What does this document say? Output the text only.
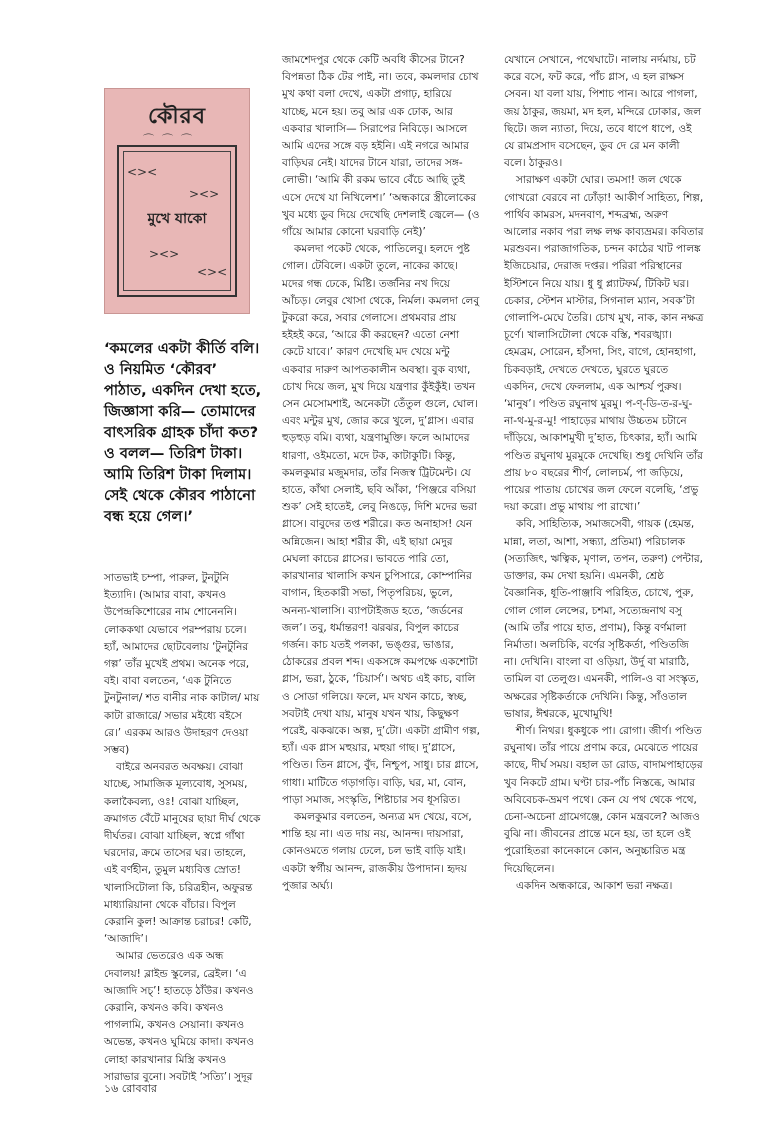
কৌরব
⌒⌒⌒
<><
><>
মুখে যাকো
><>
<><
‘কমলের একটা কীর্তি বলি। ও নিয়মিত ‘কৌরব’ পাঠাত, একদিন দেখা হতে, জিজ্ঞাসা করি— তোমাদের বাৎসরিক গ্রাহক চাঁদা কত? ও বলল— তিরিশ টাকা। আমি তিরিশ টাকা দিলাম। সেই থেকে কৌরব পাঠানো বন্ধ হয়ে গেল।’

সাতভাই চম্পা, পারুল, টুনটুনি ইত্যাদি। (আমার বাবা, কখনও উপেন্দ্রকিশোরের নাম শোনেননি। লোককথা যেভাবে পরম্পরায় চলে। হ্যাঁ, আমাদের ছোটবেলায় ‘টুনটুনির গল্প’ তাঁর মুখেই প্রথম। অনেক পরে, বই। বাবা বলতেন, ‘এক টুনিতে টুনটুনাল/ শত বানীর নাক কাটাল/ মায় কাটা রাজারে/ সভার মইধ্যে বইসে রে।’ এরকম আরও উদাহরণ দেওয়া সম্ভব)

বাইরে অনবরত অবক্ষয়। বোঝা যাচ্ছে, সামাজিক মূল্যবোধ, সুসময়, কলাকৈবল্য, ওঃ! বোঝা যাচ্ছিল, ক্রমাগত বেঁটে মানুষের ছায়া দীর্ঘ থেকে দীর্ঘতর। বোঝা যাচ্ছিল, স্বপ্নে গাঁথা ঘরদোর, ক্রমে তাসের ঘর। তাহলে, এই বর্ণহীন, তুমুল মধ্যবিত্ত স্রোত! খালাসিটোলা কি, চরিত্রহীন, অফুরন্ত মাধ্যারিয়ানা থেকে বাঁচার। বিপুল কেরানি কুল! আক্রান্ত চরাচর! কেটি, ‘আজাদি’।

আমার ভেতরেও এক অন্ধ দেবালয়! ব্লাইন্ড স্কুলের, ব্রেইল। ‘এ আজাদি সচ্’! হাতড়ে ঠাঁউর। কখনও কেরানি, কখনও কবি। কখনও পাগলামি, কখনও সেয়ানা। কখনও অভেন্ত, কখনও ঘুমিয়ে কাদা। কখনও লোহা কারখানার মিস্ত্রি কখনও সারাভার বুনো। সবটাই ‘সত্যি’। সুদূর

জামশেদপুর থেকে কেটি অবধি কীসের টানে? বিপন্নতা ঠিক টের পাই, না। তবে, কমলদার চোখ মুখ কথা বলা দেখে, একটা প্রগাঢ়, হারিয়ে যাচ্ছে, মনে হয়। তবু আর এক ঢোক, আর একবার খালাসি— সিরাপের নিবিড়ে। আসলে আমি এদের সঙ্গে বড় হইনি। এই নগরে আমার বাড়িঘর নেই। যাদের টানে যারা, তাদের সঙ্গ-লোভী। ‘আমি কী রকম ভাবে বেঁচে আছি তুই এসে দেখে যা নিখিলেশ।’ ‘অন্ধকারে স্ত্রীলোকের খুব মধ্যে ডুব দিয়ে দেখেছি দেশলাই জ্বেলে— (ও গাঁয়ে আমার কোনো ঘরবাড়ি নেই)’

কমলদা পকেট থেকে, পাতিলেবু। হলদে পুষ্ট গোল। টেবিলে। একটা তুলে, নাকের কাছে। মদের গন্ধ ঢেকে, মিষ্টি। তর্জনির নখ দিয়ে আঁচড়। লেবুর খোসা থেকে, নির্মল। কমলদা লেবু টুকরো করে, সবার গেলাসে। প্রথমবার প্রায় হইহই করে, ‘আরে কী করছেন? এতো নেশা কেটে যাবে।’ কারণ দেখেছি মদ খেয়ে মন্টু একবার দারুণ আপতকালীন অবস্থা। বুক ব্যথা, চোখ দিয়ে জল, মুখ দিয়ে যন্ত্রণার কুঁইকুঁই। তখন সেন মেসোমশাই, অনেকটা তেঁতুল গুলে, ঘোল। এবং মন্টুর মুখ, জোর করে খুলে, দু’গ্লাস। এবার হুড়হুড় বমি। ব্যথা, যন্ত্রণামুক্তি। ফলে আমাদের ধারণা, ওইমতো, মদে টক, কাটাকুটি। কিন্তু, কমলকুমার মজুমদার, তাঁর নিজস্ব ট্রিটমেন্ট। যে হাতে, কাঁথা সেলাই, ছবি আঁকা, ‘পিঞ্জরে বসিয়া শুক’ সেই হাতেই, লেবু নিঙড়ে, দিশি মদের ভরা গ্লাসে। বাবুদের তপ্ত শরীরে। কত অনাহাস! যেন অন্নিজেন। আহা শরীর কী, এই ছায়া মেদুর মেঘলা কাচের গ্লাসের। ভাবতে পারি তো, কারখানার খালাসি কখন চুপিসারে, কোম্পানির বাগান, হিতকারী সভা, পিতৃপরিচয়, ভুলে, অনন্য-খালাসি। ব্যাপটাইজড হতে, ‘জর্ডনের জল’। তবু, ধর্মান্তরণ! ঝরঝর, বিপুল কাচের গর্জন। কাচ যতই পলকা, ভঙ্গুর, ভাঙার, ঠোকরের প্রবল শব্দ। একসঙ্গে কমপক্ষে একশোটা গ্লাস, ভরা, ঠুকে, ‘চিয়ার্স’। অথচ এই কাচ, বালি ও সোডা গলিয়ে। ফলে, মদ যখন কাচে, স্বচ্ছ, সবটাই দেখা যায়, মানুষ যখন খায়, কিছুক্ষণ পরেই, ঝকঝকে। অল্প, দু’টো। একটা গ্রামীণ গল্প, হ্যাঁ। এক গ্লাস মহুয়ার, মহুয়া গাছ। দু’গ্লাসে, পণ্ডিত। তিন গ্লাসে, বুঁদ, নিশ্চুপ, সাধু। চার গ্লাসে, গাধা। মাটিতে গড়াগড়ি। বাড়ি, ঘর, মা, বোন, পাড়া সমাজ, সংস্কৃতি, শিষ্টাচার সব ধূসরিত।

কমলকুমার বলতেন, অন্যত্র মদ খেয়ে, বসে, শান্তি হয় না। এত দায় নয়, আনন্দ। দায়সারা, কোনওমতে গলায় ঢেলে, চল ভাই বাড়ি যাই। একটা স্বর্গীয় আনন্দ, রাজকীয় উপাদান। হৃদয় পুজার অর্ঘ্য।

যেখানে সেখানে, পথেঘাটে। নালায় নর্দমায়, চট করে বসে, ফট করে, পাঁচ গ্লাস, এ হল রাক্ষস সেবন। যা বলা যায়, পিশাচ পান। আরে পাগলা, জয় ঠাকুর, জয়মা, মদ হল, মন্দিরে ঢোকার, জল ছিটে। জল ন্যাতা, দিয়ে, তবে ধাপে ধাপে, ওই যে রামপ্রসাদ বসেছেন, ডুব দে রে মন কালী বলে। ঠাকুরও।

সারাক্ষণ একটা ঘোর। তমসা! জল থেকে গোখরো বেরবে না ঢোঁড়া! আকীর্ণ সাহিত্য, শিল্প, পার্থিব কামরস, মদনবাণ, শব্দব্রহ্ম, অরুণ আলোর নকাব পরা লক্ষ লক্ষ কাব্যভ্রমর। কবিতার মরশুবন। পরাজাগতিক, চন্দন কাঠের খাট পালঙ্ক ইজিচেয়ার, দেরাজ দপ্তর। পরিরা পরিস্থানের ইস্টিশনে নিয়ে যায়। ধু ধু প্ল্যাটফর্ম, টিকিট ঘর। চেকার, স্টেশন মাস্টার, সিগনাল ম্যান, সবক’টা গোলাপি-মেঘে তৈরি। চোখ মুখ, নাক, কান নক্ষত্র চূর্ণে। খালাসিটোলা থেকে বস্তি, শবরঙ্খ্যা। হেমব্রম, সোরেন, হাঁসদা, সিং, বাগে, হোনহাগা, চিকবড়াই, দেখতে দেখতে, ঘুরতে ঘুরতে একদিন, দেখে ফেললাম, এক আশ্চর্য পুরুষ। ‘মানুষ’। পণ্ডিত রঘুনাথ মুরমু। প-ণ্-ডি-ত-র-ঘু-না-থ-মু-র-মু! পাহাড়ের মাথায় উচ্চতম চটানে দাঁড়িয়ে, আকাশমুখী দু’হাত, চিৎকার, হ্যাঁ। আমি পণ্ডিত রঘুনাথ মুরমুকে দেখেছি। শুধু দেখিনি তাঁর প্রায় ৮০ বছরের শীর্ণ, লোলচর্ম, পা জড়িয়ে, পায়ের পাতায় চোখের জল ফেলে বলেছি, ‘প্রভু দয়া করো। প্রভু মাথায় পা রাখো।’

কবি, সাহিত্যিক, সমাজসেবী, গায়ক (হেমন্ত, মান্না, লতা, আশা, সন্ধ্যা, প্রতিমা) পরিচালক (সত্যজিৎ, ঋত্বিক, মৃণাল, তপন, তরুণ) পেন্টার, ডাক্তার, কম দেখা হয়নি। এমনকী, শ্রেষ্ঠ বৈজ্ঞানিক, ধূতি-পাঞ্জাবি পরিহিত, চোখে, পুরু, গোল গোল লেন্সের, চশমা, সত্যেন্দ্রনাথ বসু (আমি তাঁর পায়ে হাত, প্রণাম), কিন্তু বর্ণমালা নির্মাতা। অলচিকি, বর্ণের সৃষ্টিকর্তা, পণ্ডিতজি না। দেখিনি। বাংলা বা ওড়িয়া, উর্দু বা মারাঠি, তামিল বা তেলুগু। এমনকী, পালি-ও বা সংস্কৃত, অক্ষরের সৃষ্টিকর্তাকে দেখিনি। কিন্তু, সাঁওতাল ভাষার, ঈশ্বরকে, মুখোমুখি!

শীর্ণ। নিথর। ধুকধুকে পা। রোগা। জীর্ণ। পণ্ডিত রঘুনাথ। তাঁর পায়ে প্রণাম করে, মেঝেতে পায়ের কাছে, দীর্ঘ সময়। বহাল ডা রোড, বাদামপাহাড়ের খুব নিকটে গ্রাম। ঘণ্টা চার-পাঁচ নিস্তব্ধে, আমার অবিবেচক-ভ্রমণ পথে। কেন যে পথ থেকে পথে, চেনা-অচেনা গ্রামেগঞ্জে, কোন মন্ত্রবলে? আজও বুঝি না। জীবনের প্রান্তে মনে হয়, তা হলে ওই পুরোহিতরা কানেকানে কোন, অনুচ্চারিত মন্ত্র দিয়েছিলেন।

একদিন অন্ধকারে, আকাশ ভরা নক্ষত্র।

১৬ রোববার
